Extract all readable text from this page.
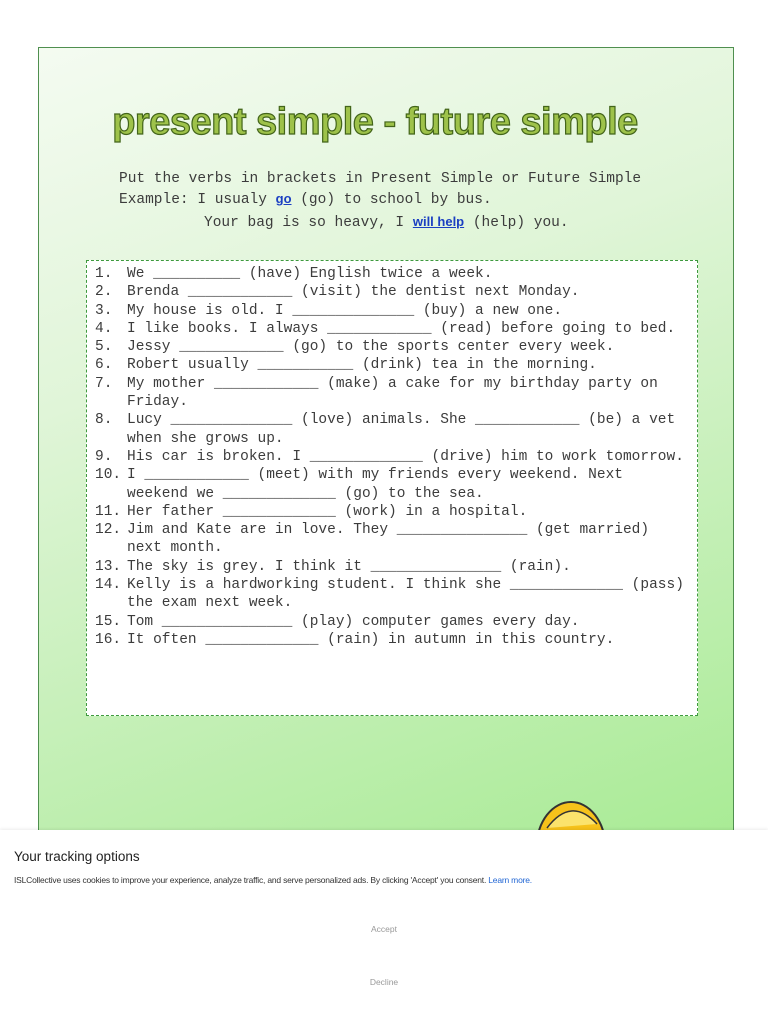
present simple - future simple

Put the verbs in brackets in Present Simple or Future Simple

Example: I usualy go (go) to school by bus.

Your bag is so heavy, I will help (help) you.

1. We __________ (have) English twice a week.
2. Brenda ____________ (visit) the dentist next Monday.
3. My house is old. I ______________ (buy) a new one.
4. I like books. I always ____________ (read) before going to bed.
5. Jessy ____________ (go) to the sports center every week.
6. Robert usually ___________ (drink) tea in the morning.
7. My mother ____________ (make) a cake for my birthday party on Friday.
8. Lucy ______________ (love) animals. She ____________ (be) a vet when she grows up.
9. His car is broken. I _____________ (drive) him to work tomorrow.
10. I ____________ (meet) with my friends every weekend. Next weekend we _____________ (go) to the sea.
11. Her father _____________ (work) in a hospital.
12. Jim and Kate are in love. They _______________ (get married) next month.
13. The sky is grey. I think it _______________ (rain).
14. Kelly is a hardworking student. I think she _____________ (pass) the exam next week.
15. Tom _______________ (play) computer games every day.
16. It often _____________ (rain) in autumn in this country.
Your tracking options
ISLCollective uses cookies to improve your experience, analyze traffic, and serve personalized ads. By clicking 'Accept' you consent. Learn more.
Accept
Decline
